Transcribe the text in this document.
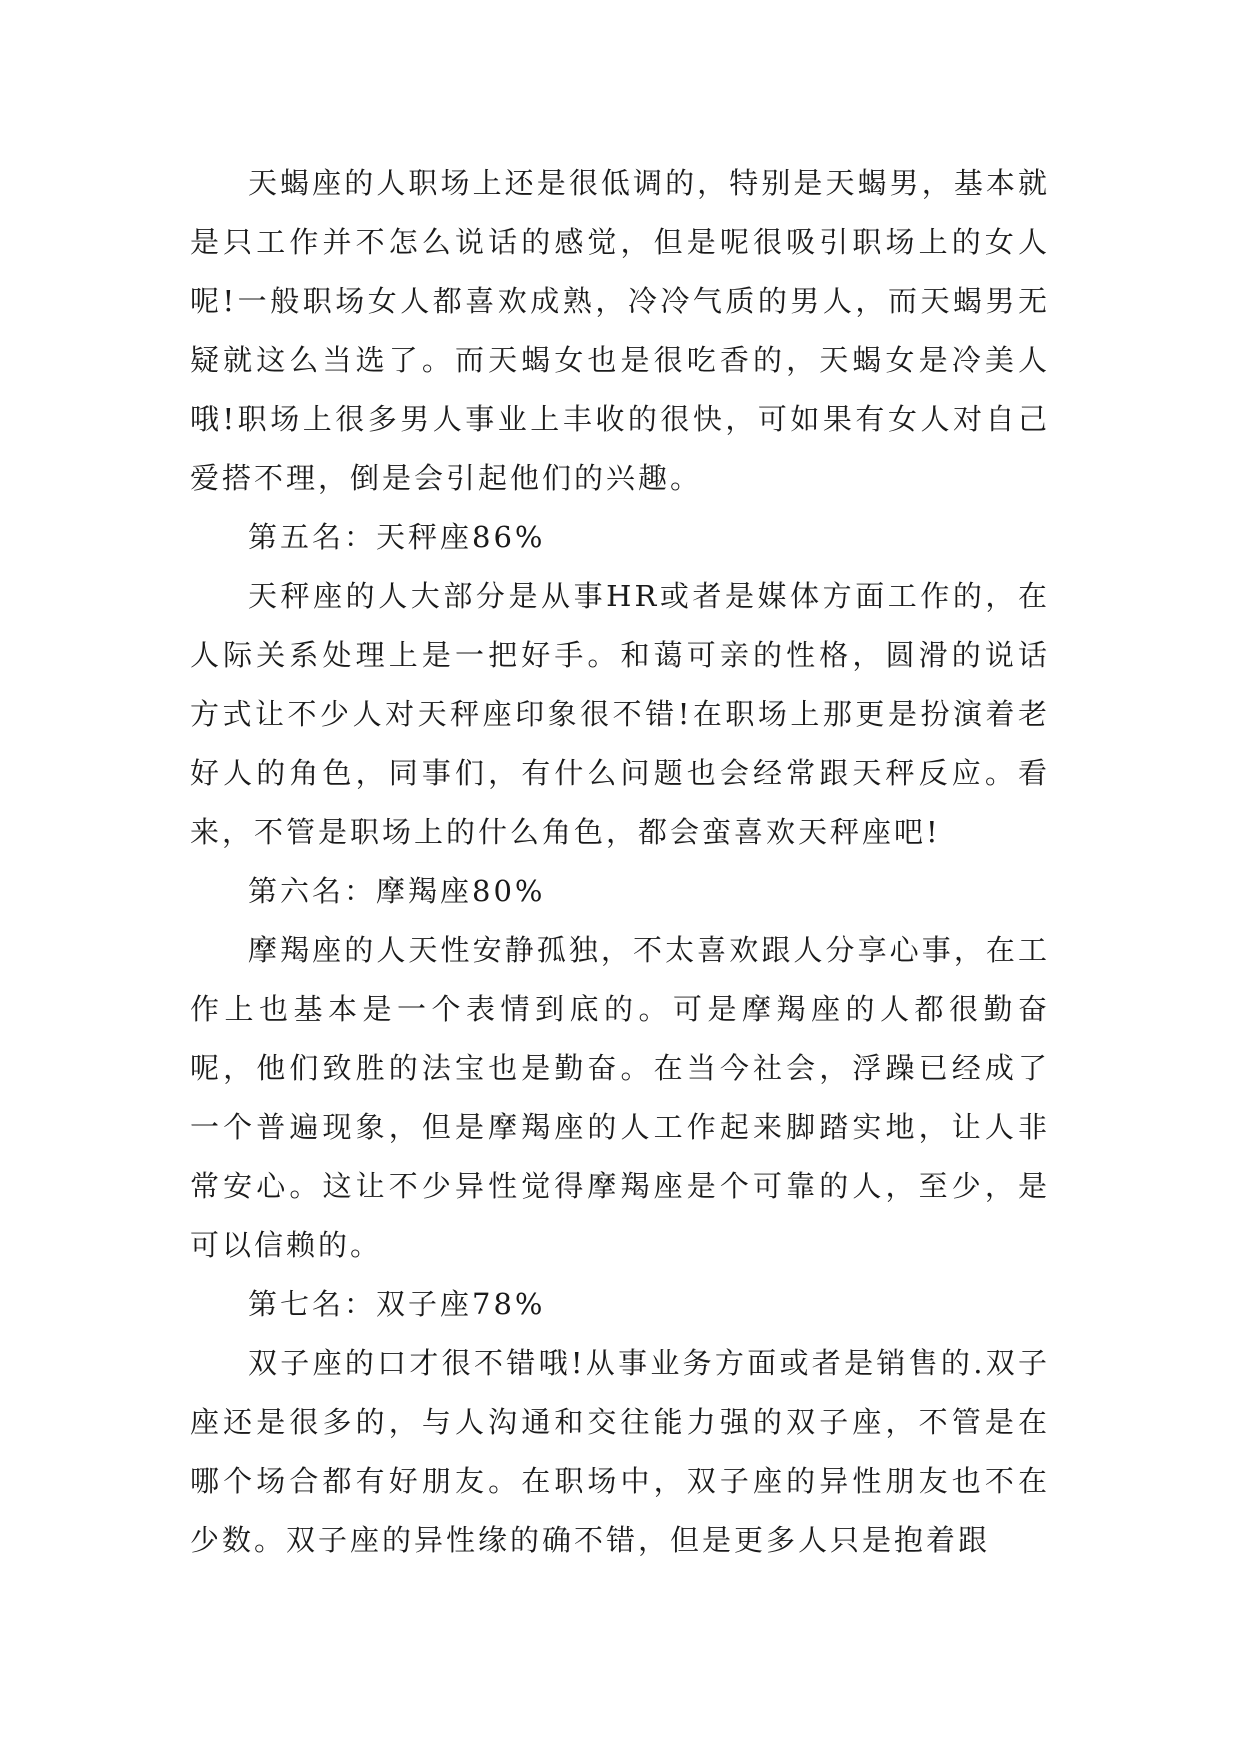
天蝎座的人职场上还是很低调的，特别是天蝎男，基本就是只工作并不怎么说话的感觉，但是呢很吸引职场上的女人呢!一般职场女人都喜欢成熟，冷冷气质的男人，而天蝎男无疑就这么当选了。而天蝎女也是很吃香的，天蝎女是冷美人哦!职场上很多男人事业上丰收的很快，可如果有女人对自己爱搭不理，倒是会引起他们的兴趣。

第五名：天秤座86%

天秤座的人大部分是从事HR或者是媒体方面工作的，在人际关系处理上是一把好手。和蔼可亲的性格，圆滑的说话方式让不少人对天秤座印象很不错!在职场上那更是扮演着老好人的角色，同事们，有什么问题也会经常跟天秤反应。看来，不管是职场上的什么角色，都会蛮喜欢天秤座吧!

第六名：摩羯座80%

摩羯座的人天性安静孤独，不太喜欢跟人分享心事，在工作上也基本是一个表情到底的。可是摩羯座的人都很勤奋呢，他们致胜的法宝也是勤奋。在当今社会，浮躁已经成了一个普遍现象，但是摩羯座的人工作起来脚踏实地，让人非常安心。这让不少异性觉得摩羯座是个可靠的人，至少，是可以信赖的。

第七名：双子座78%

双子座的口才很不错哦!从事业务方面或者是销售的.双子座还是很多的，与人沟通和交往能力强的双子座，不管是在哪个场合都有好朋友。在职场中，双子座的异性朋友也不在少数。双子座的异性缘的确不错，但是更多人只是抱着跟
